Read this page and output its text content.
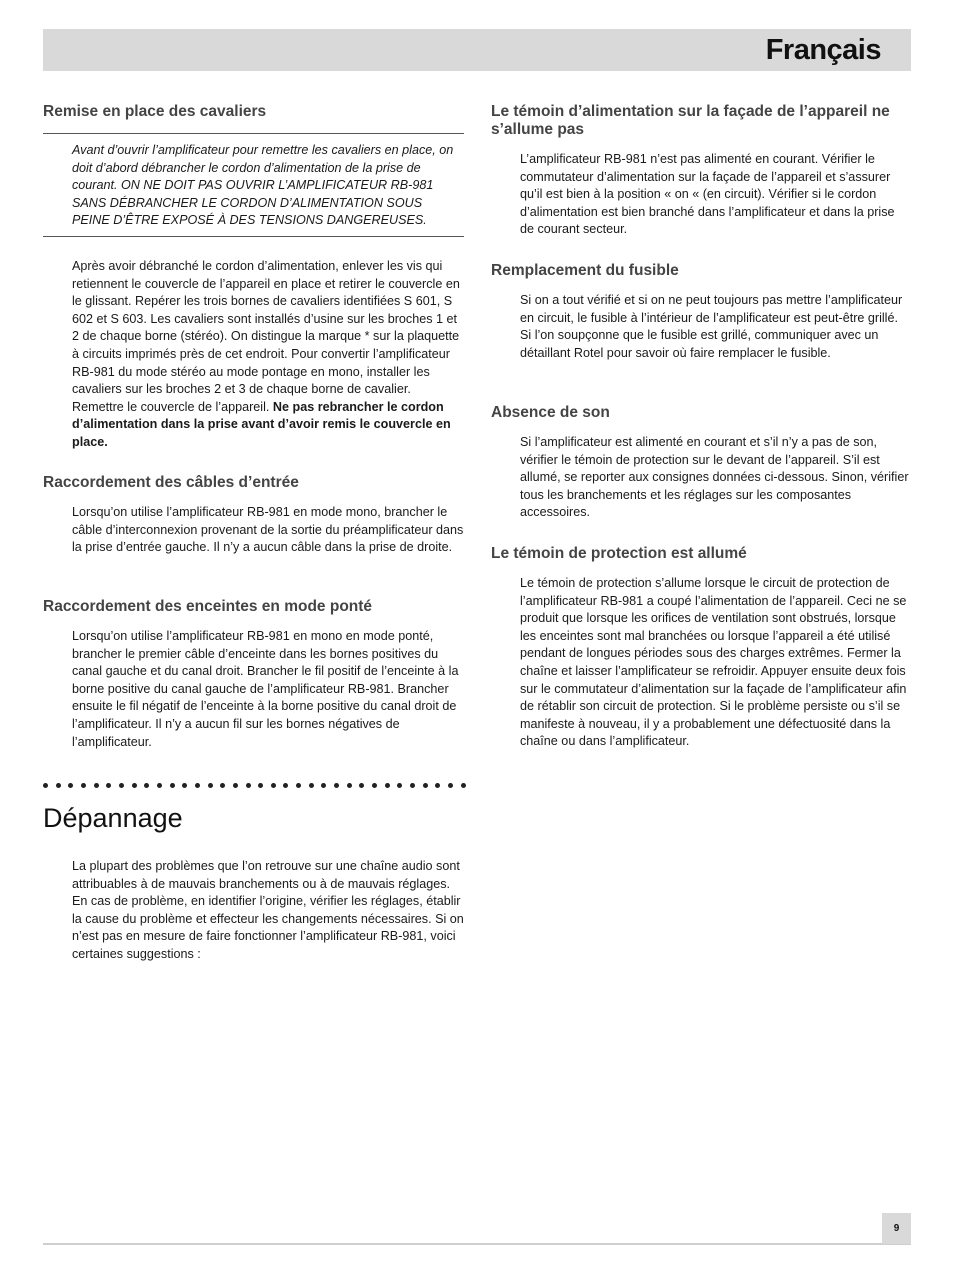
Français
Remise en place des cavaliers

Avant d’ouvrir l’amplificateur pour remettre les cavaliers en place, on doit d’abord débrancher le cordon d’alimentation de la prise de courant. ON NE DOIT PAS OUVRIR L’AMPLIFICATEUR RB-981 SANS DÉBRANCHER LE CORDON D’ALIMENTATION SOUS PEINE D’ÊTRE EXPOSÉ À DES TENSIONS DANGEREUSES.

Après avoir débranché le cordon d’alimentation, enlever les vis qui retiennent le couvercle de l’appareil en place et retirer le couvercle en le glissant. Repérer les trois bornes de cavaliers identifiées S 601, S 602 et S 603. Les cavaliers sont installés d’usine sur les broches 1 et 2 de chaque borne (stéréo). On distingue la marque * sur la plaquette à circuits imprimés près de cet endroit. Pour convertir l’amplificateur RB-981 du mode stéréo au mode pontage en mono, installer les cavaliers sur les broches 2 et 3 de chaque borne de cavalier. Remettre le couvercle de l’appareil. Ne pas rebrancher le cordon d’alimentation dans la prise avant d’avoir remis le couvercle en place.

Raccordement des câbles d’entrée

Lorsqu’on utilise l’amplificateur RB-981 en mode mono, brancher le câble d’interconnexion provenant de la sortie du préamplificateur dans la prise d’entrée gauche. Il n’y a aucun câble dans la prise de droite.

Raccordement des enceintes en mode ponté

Lorsqu’on utilise l’amplificateur RB-981 en mono en mode ponté, brancher le premier câble d’enceinte dans les bornes positives du canal gauche et du canal droit. Brancher le fil positif de l’enceinte à la borne positive du canal gauche de l’amplificateur RB-981. Brancher ensuite le fil négatif de l’enceinte à la borne positive du canal droit de l’amplificateur. Il n’y a aucun fil sur les bornes négatives de l’amplificateur.

Dépannage

La plupart des problèmes que l’on retrouve sur une chaîne audio sont attribuables à de mauvais branchements ou à de mauvais réglages. En cas de problème, en identifier l’origine, vérifier les réglages, établir la cause du problème et effecteur les changements nécessaires. Si on n’est pas en mesure de faire fonctionner l’amplificateur RB-981, voici certaines suggestions :

Le témoin d’alimentation sur la façade de l’appareil ne s’allume pas

L’amplificateur RB-981 n’est pas alimenté en courant. Vérifier le commutateur d’alimentation sur la façade de l’appareil et s’assurer qu’il est bien à la position « on « (en circuit). Vérifier si le cordon d’alimentation est bien branché dans l’amplificateur et dans la prise de courant secteur.

Remplacement du fusible

Si on a tout vérifié et si on ne peut toujours pas mettre l’amplificateur en circuit, le fusible à l’intérieur de l’amplificateur est peut-être grillé. Si l’on soupçonne que le fusible est grillé, communiquer avec un détaillant Rotel pour savoir où faire remplacer le fusible.

Absence de son

Si l’amplificateur est alimenté en courant et s’il n’y a pas de son, vérifier le témoin de protection sur le devant de l’appareil. S’il est allumé, se reporter aux consignes données ci-dessous. Sinon, vérifier tous les branchements et les réglages sur les composantes accessoires.

Le témoin de protection est allumé

Le témoin de protection s’allume lorsque le circuit de protection de l’amplificateur RB-981 a coupé l’alimentation de l’appareil. Ceci ne se produit que lorsque les orifices de ventilation sont obstrués, lorsque les enceintes sont mal branchées ou lorsque l’appareil a été utilisé pendant de longues périodes sous des charges extrêmes. Fermer la chaîne et laisser l’amplificateur se refroidir. Appuyer ensuite deux fois sur le commutateur d’alimentation sur la façade de l’amplificateur afin de rétablir son circuit de protection. Si le problème persiste ou s’il se manifeste à nouveau, il y a probablement une défectuosité dans la chaîne ou dans l’amplificateur.

9
